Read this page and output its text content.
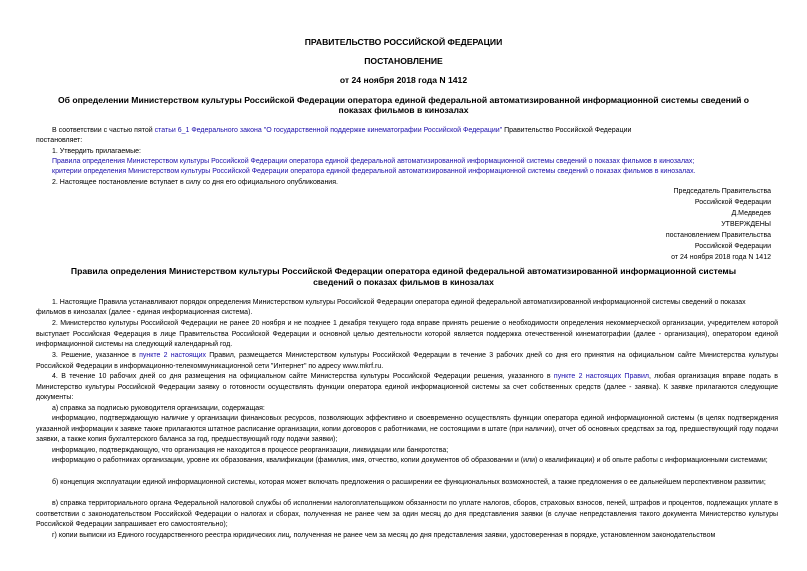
ПРАВИТЕЛЬСТВО РОССИЙСКОЙ ФЕДЕРАЦИИ
ПОСТАНОВЛЕНИЕ
от 24 ноября 2018 года N 1412
Об определении Министерством культуры Российской Федерации оператора единой федеральной автоматизированной информационной системы сведений о
показах фильмов в кинозалах

В соответствии с частью пятой статьи 6_1 Федерального закона "О государственной поддержке кинематографии Российской Федерации" Правительство Российской Федерации

постановляет:

1. Утвердить прилагаемые:

Правила определения Министерством культуры Российской Федерации оператора единой федеральной автоматизированной информационной системы сведений о показах фильмов в кинозалах;

критерии определения Министерством культуры Российской Федерации оператора единой федеральной автоматизированной информационной системы сведений о показах фильмов в кинозалах.

2. Настоящее постановление вступает в силу со дня его официального опубликования.

Председатель Правительства
Российской Федерации
Д.Медведев
УТВЕРЖДЕНЫ
постановлением Правительства
Российской Федерации
от 24 ноября 2018 года N 1412
Правила определения Министерством культуры Российской Федерации оператора единой федеральной автоматизированной информационной системы
сведений о показах фильмов в кинозалах

1. Настоящие Правила устанавливают порядок определения Министерством культуры Российской Федерации оператора единой федеральной автоматизированной информационной системы сведений о показах

фильмов в кинозалах (далее - единая информационная система).

2. Министерство культуры Российской Федерации не ранее 20 ноября и не позднее 1 декабря текущего года вправе принять решение о необходимости определения некоммерческой организации, учредителем которой выступает Российская Федерация в лице Правительства Российской Федерации и основной целью деятельности которой является поддержка отечественной кинематографии (далее - организация), оператором единой информационной системы на следующий календарный год.

3. Решение, указанное в пункте 2 настоящих Правил, размещается Министерством культуры Российской Федерации в течение 3 рабочих дней со дня его принятия на официальном сайте Министерства культуры Российской Федерации в информационно-телекоммуникационной сети "Интернет" по адресу www.mkrf.ru.

4. В течение 10 рабочих дней со дня размещения на официальном сайте Министерства культуры Российской Федерации решения, указанного в пункте 2 настоящих Правил, любая организация вправе подать в Министерство культуры Российской Федерации заявку о готовности осуществлять функции оператора единой информационной системы за счет собственных средств (далее - заявка). К заявке прилагаются следующие документы:

а) справка за подписью руководителя организации, содержащая:

информацию, подтверждающую наличие у организации финансовых ресурсов, позволяющих эффективно и своевременно осуществлять функции оператора единой информационной системы (в целях подтверждения указанной информации к заявке также прилагаются штатное расписание организации, копии договоров с работниками, не состоящими в штате (при наличии), отчет об основных средствах за год, предшествующий году подачи заявки, а также копия бухгалтерского баланса за год, предшествующий году подачи заявки);

информацию, подтверждающую, что организация не находится в процессе реорганизации, ликвидации или банкротства;

информацию о работниках организации, уровне их образования, квалификации (фамилия, имя, отчество, копии документов об образовании и (или) о квалификации) и об опыте работы с информационными системами;

б) концепция эксплуатации единой информационной системы, которая может включать предложения о расширении ее функциональных возможностей, а также предложения о ее дальнейшем перспективном развитии;

в) справка территориального органа Федеральной налоговой службы об исполнении налогоплательщиком обязанности по уплате налогов, сборов, страховых взносов, пеней, штрафов и процентов, подлежащих уплате в соответствии с законодательством Российской Федерации о налогах и сборах, полученная не ранее чем за один месяц до дня представления заявки (в случае непредставления такого документа Министерство культуры Российской Федерации запрашивает его самостоятельно);

г) копии выписки из Единого государственного реестра юридических лиц, полученная не ранее чем за месяц до дня представления заявки, удостоверенная в порядке, установленном законодательством
